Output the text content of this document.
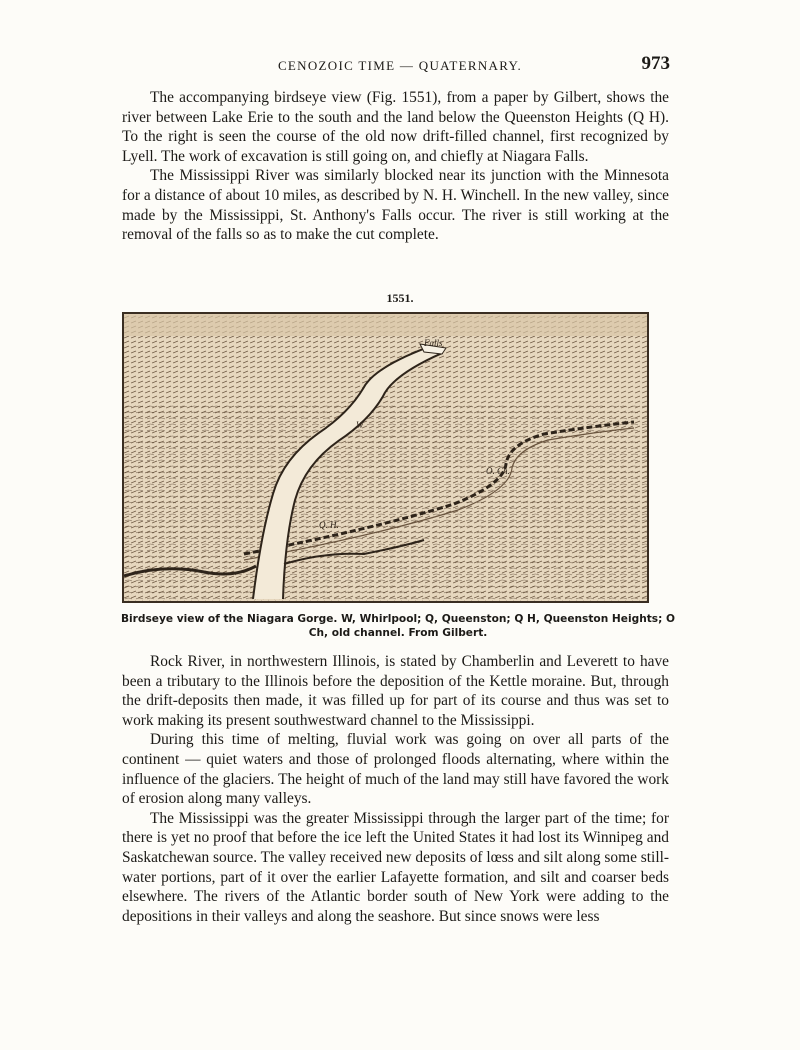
CENOZOIC TIME — QUATERNARY.	973

The accompanying birdseye view (Fig. 1551), from a paper by Gilbert, shows the river between Lake Erie to the south and the land below the Queenston Heights (Q H). To the right is seen the course of the old now drift-filled channel, first recognized by Lyell. The work of excavation is still going on, and chiefly at Niagara Falls.

The Mississippi River was similarly blocked near its junction with the Minnesota for a distance of about 10 miles, as described by N. H. Winchell. In the new valley, since made by the Mississippi, St. Anthony's Falls occur. The river is still working at the removal of the falls so as to make the cut complete.

1551.
Falls
W
O. Ch.
Q. H.
Birdseye view of the Niagara Gorge. W, Whirlpool; Q, Queenston; Q H, Queenston Heights; O Ch, old channel. From Gilbert.

Rock River, in northwestern Illinois, is stated by Chamberlin and Leverett to have been a tributary to the Illinois before the deposition of the Kettle moraine. But, through the drift-deposits then made, it was filled up for part of its course and thus was set to work making its present southwestward channel to the Mississippi.

During this time of melting, fluvial work was going on over all parts of the continent — quiet waters and those of prolonged floods alternating, where within the influence of the glaciers. The height of much of the land may still have favored the work of erosion along many valleys.

The Mississippi was the greater Mississippi through the larger part of the time; for there is yet no proof that before the ice left the United States it had lost its Winnipeg and Saskatchewan source. The valley received new deposits of lœss and silt along some still-water portions, part of it over the earlier Lafayette formation, and silt and coarser beds elsewhere. The rivers of the Atlantic border south of New York were adding to the depositions in their valleys and along the seashore. But since snows were less
